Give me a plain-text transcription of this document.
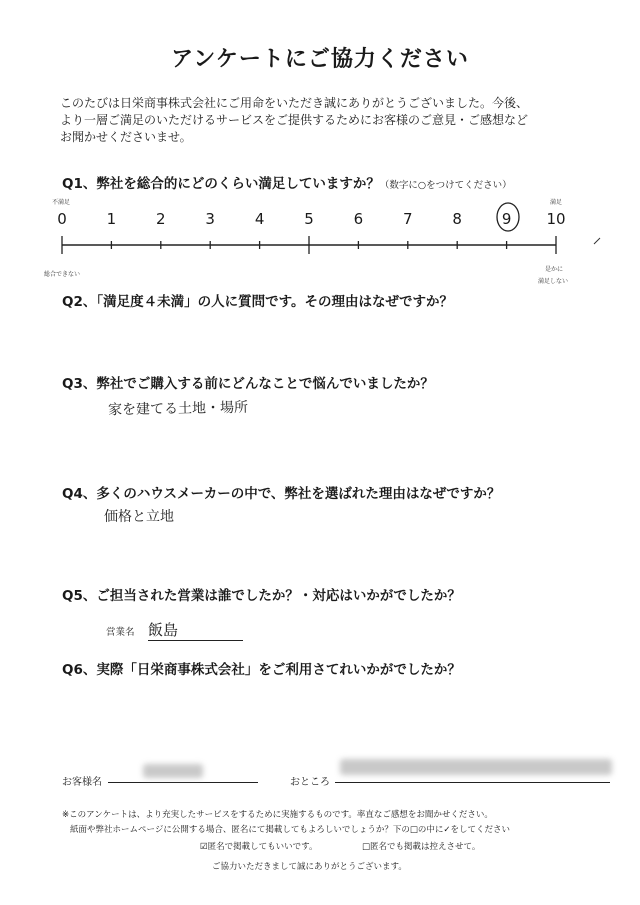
アンケートにご協力ください
このたびは日栄商事株式会社にご用命をいただき誠にありがとうございました。今後、
より一層ご満足のいただけるサービスをご提供するためにお客様のご意見・ご感想など
お聞かせくださいませ。
Q1、弊社を総合的にどのくらい満足していますか？（数字に○をつけてください）
不満足	満足
0	1	2	3	4	5	6	7	8	9	10
総合できない
是かに
満足しない
Q2、「満足度４未満」の人に質問です。その理由はなぜですか？
Q3、弊社でご購入する前にどんなことで悩んでいましたか？
家を建てる土地・場所
Q4、多くのハウスメーカーの中で、弊社を選ばれた理由はなぜですか？
価格と立地
Q5、ご担当された営業は誰でしたか？・対応はいかがでしたか？
営業名 飯島
Q6、実際「日栄商事株式会社」をご利用さてれいかがでしたか？
お客様名	おところ
※このアンケートは、より充実したサービスをするために実施するものです。率直なご感想をお聞かせください。
紙面や弊社ホームページに公開する場合、匿名にて掲載してもよろしいでしょうか？下の□の中に✓をしてください
☑匿名で掲載してもいいです。	□匿名でも掲載は控えさせて。
ご協力いただきまして誠にありがとうございます。
